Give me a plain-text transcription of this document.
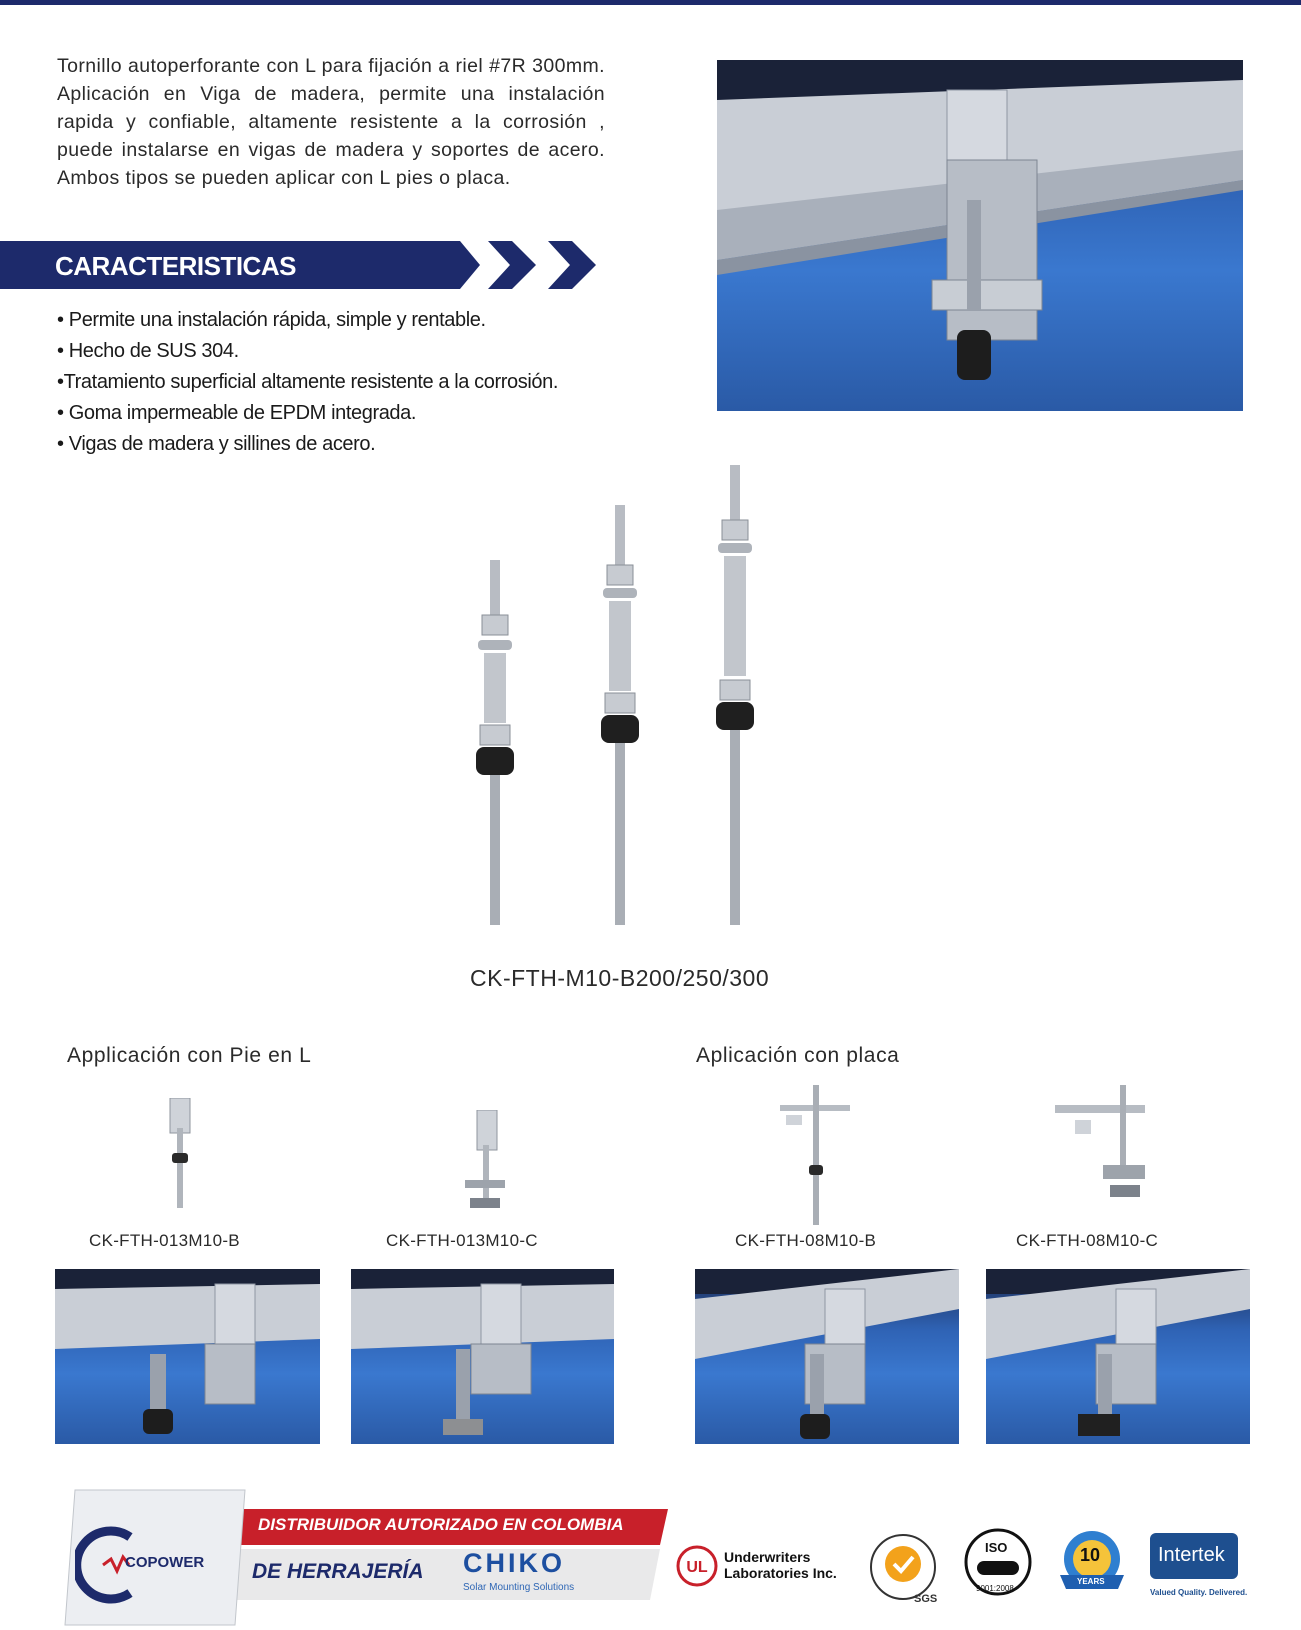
Tornillo autoperforante con L para fijación a riel #7R 300mm. Aplicación en Viga de madera, permite una instalación rapida y confiable, altamente resistente a la corrosión , puede instalarse en vigas de madera y soportes de acero. Ambos tipos se pueden aplicar con L pies o placa.
CARACTERISTICAS
• Permite una instalación rápida, simple y rentable.
• Hecho de SUS 304.
•Tratamiento superficial altamente resistente a la corrosión.
• Goma impermeable de EPDM integrada.
• Vigas de madera y sillines de acero.
CK-FTH-M10-B200/250/300
Applicación con Pie en L	Aplicación con placa
CK-FTH-013M10-B	CK-FTH-013M10-C	CK-FTH-08M10-B	CK-FTH-08M10-C
COPOWER
DISTRIBUIDOR AUTORIZADO EN COLOMBIA
DE HERRAJERÍA CHIKO
Solar Mounting Solutions
UL
Underwriters
Laboratories Inc.
SGS
ISO
9001:2008
10
YEARS
Intertek
Valued Quality. Delivered.
